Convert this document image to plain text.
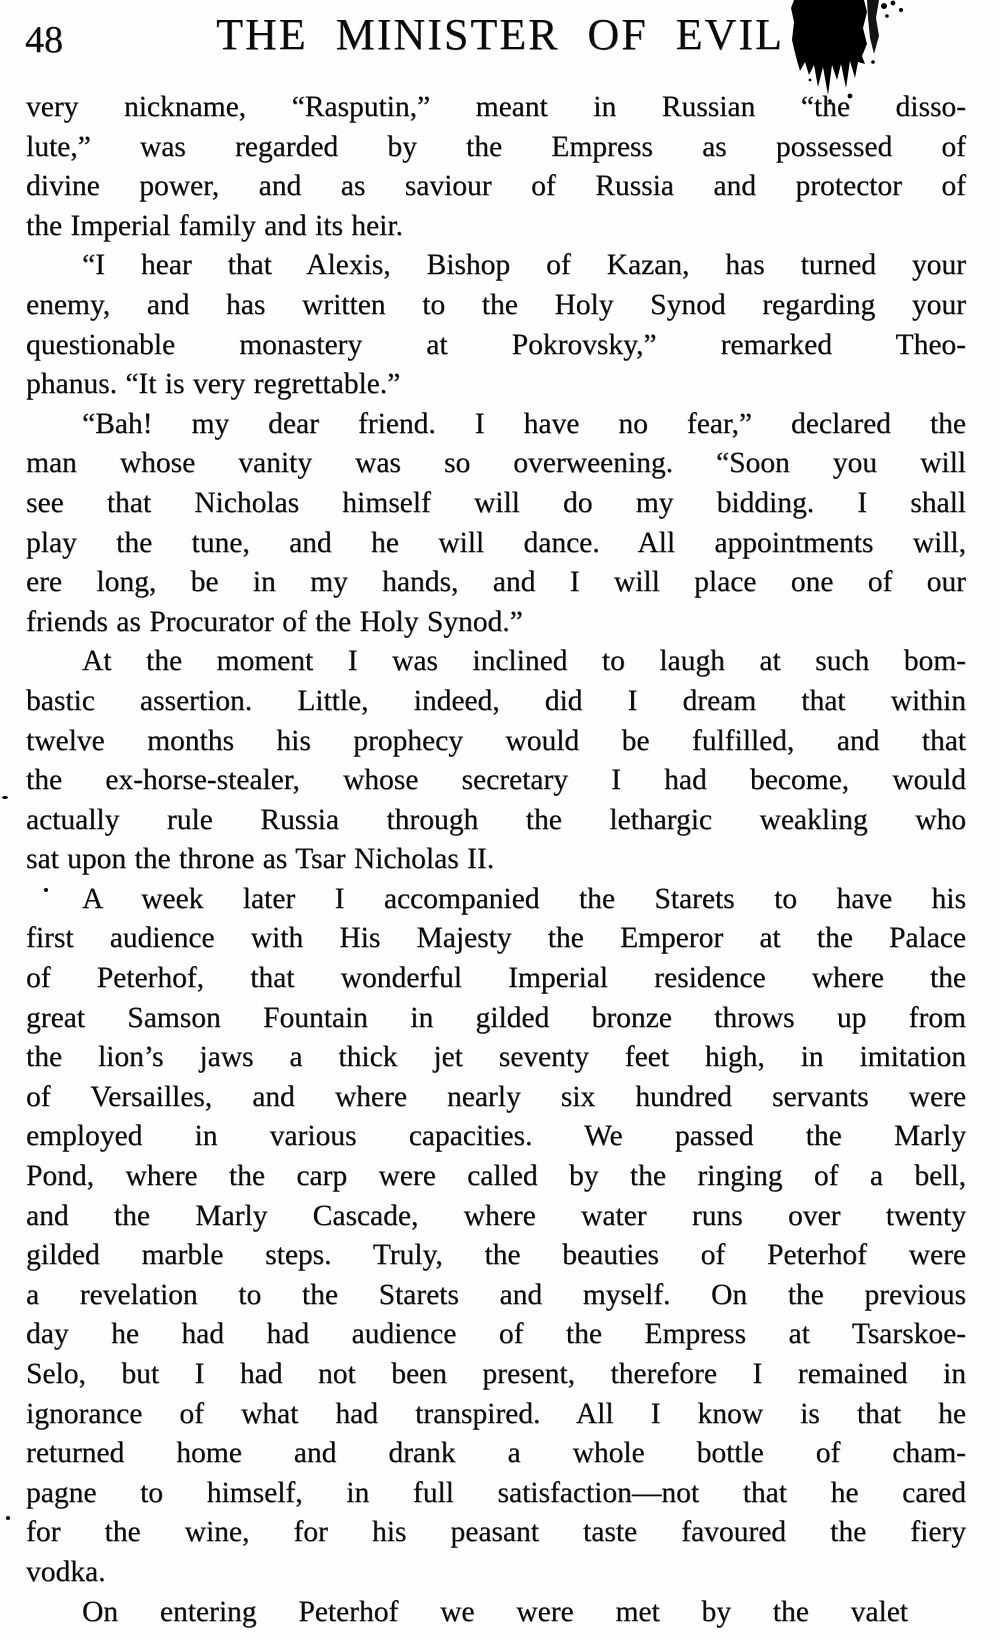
48	THE MINISTER OF EVIL
very nickname, “Rasputin,” meant in Russian “the disso-
lute,” was regarded by the Empress as possessed of
divine power, and as saviour of Russia and protector of
the Imperial family and its heir.
“I hear that Alexis, Bishop of Kazan, has turned your
enemy, and has written to the Holy Synod regarding your
questionable monastery at Pokrovsky,” remarked Theo-
phanus. “It is very regrettable.”
“Bah! my dear friend. I have no fear,” declared the
man whose vanity was so overweening. “Soon you will
see that Nicholas himself will do my bidding. I shall
play the tune, and he will dance. All appointments will,
ere long, be in my hands, and I will place one of our
friends as Procurator of the Holy Synod.”
At the moment I was inclined to laugh at such bom-
bastic assertion. Little, indeed, did I dream that within
twelve months his prophecy would be fulfilled, and that
the ex-horse-stealer, whose secretary I had become, would
actually rule Russia through the lethargic weakling who
sat upon the throne as Tsar Nicholas II.
A week later I accompanied the Starets to have his
first audience with His Majesty the Emperor at the Palace
of Peterhof, that wonderful Imperial residence where the
great Samson Fountain in gilded bronze throws up from
the lion’s jaws a thick jet seventy feet high, in imitation
of Versailles, and where nearly six hundred servants were
employed in various capacities. We passed the Marly
Pond, where the carp were called by the ringing of a bell,
and the Marly Cascade, where water runs over twenty
gilded marble steps. Truly, the beauties of Peterhof were
a revelation to the Starets and myself. On the previous
day he had had audience of the Empress at Tsarskoe-
Selo, but I had not been present, therefore I remained in
ignorance of what had transpired. All I know is that he
returned home and drank a whole bottle of cham-
pagne to himself, in full satisfaction—not that he cared
for the wine, for his peasant taste favoured the fiery
vodka.
On entering Peterhof we were met by the valet
